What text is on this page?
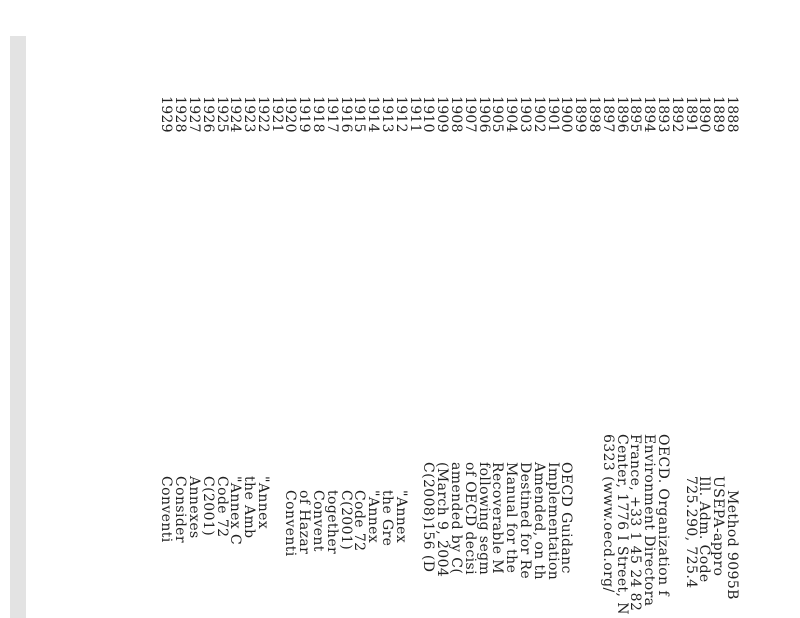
1888
1889
1890
1891
1892
1893
1894
1895
1896
1897
1898
1899
1900
1901
1902
1903
1904
1905
1906
1907
1908
1909
1910
1911
1912
1913
1914
1915
1916
1917
1918
1919
1920
1921
1922
1923
1924
1925
1926
1927
1928
1929
Method 9095B
USEPA-appro
Ill. Adm. Code
725.290, 725.4
OECD. Organization f
Environment Directora
France, +33 1 45 24 82
Center, 1776 I Street, N
6323 (www.oecd.org/
OECD Guidanc
Implementation
Amended, on th
Destined for Re
Manual for the
Recoverable M
following segm
of OECD decisi
amended by C(
(March 9, 2004
C(2008)156 (D
"Annex
the Gre
"Annex
Code 72
C(2001)
together
Convent
of Hazar
Conventi
"Annex
the Amb
"Annex C
Code 72
C(2001)
Annexes
Consider
Conventi
